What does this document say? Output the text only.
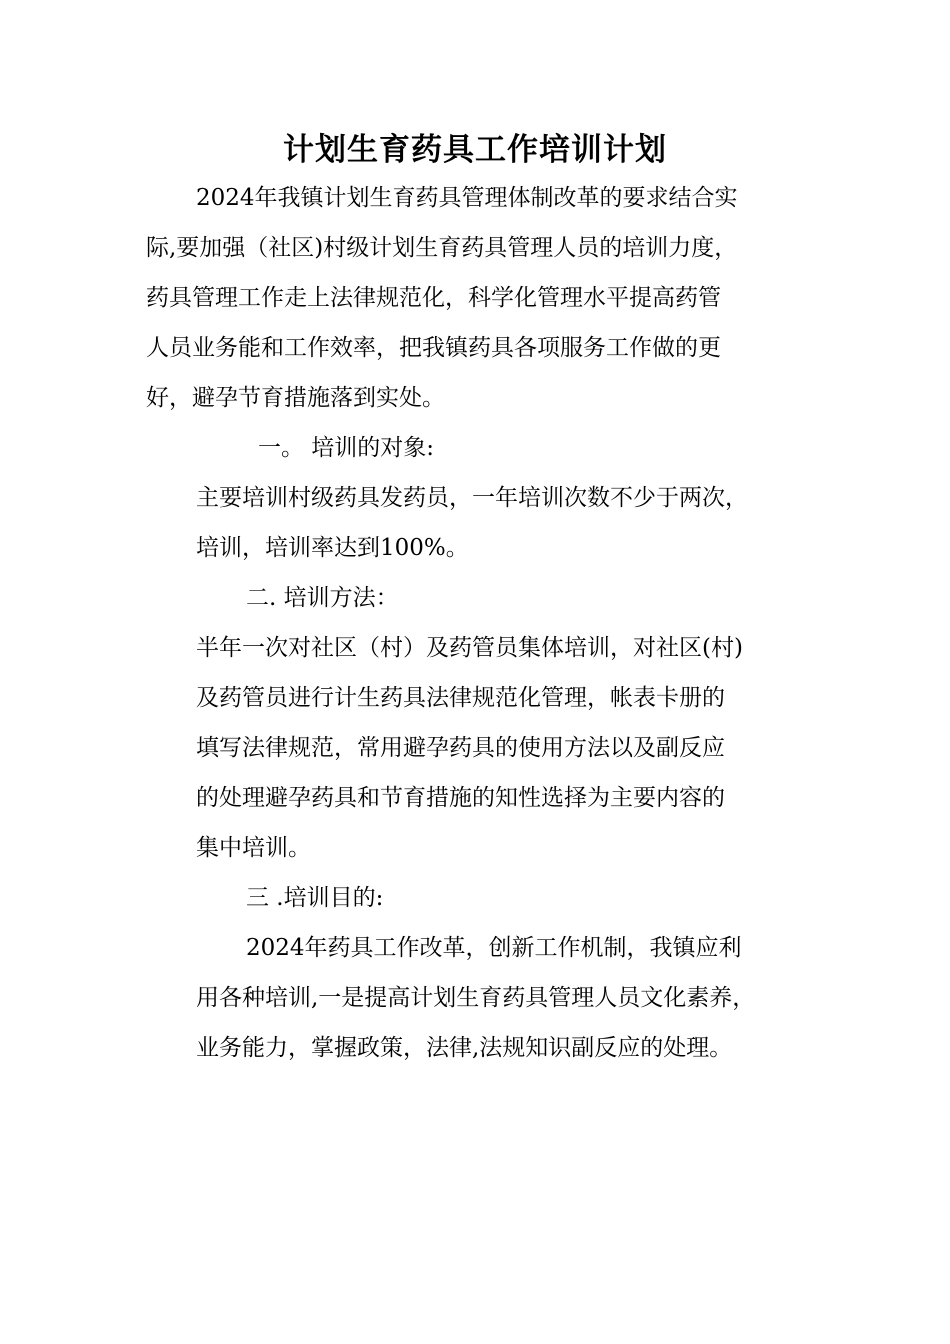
计划生育药具工作培训计划
2024年我镇计划生育药具管理体制改革的要求结合实
际,要加强（社区)村级计划生育药具管理人员的培训力度，
药具管理工作走上法律规范化，科学化管理水平提高药管
人员业务能和工作效率，把我镇药具各项服务工作做的更
好，避孕节育措施落到实处。
一。 培训的对象:
主要培训村级药具发药员，一年培训次数不少于两次，
培训，培训率达到100%。
二. 培训方法：
半年一次对社区（村）及药管员集体培训，对社区(村)
及药管员进行计生药具法律规范化管理，帐表卡册的
填写法律规范，常用避孕药具的使用方法以及副反应
的处理避孕药具和节育措施的知性选择为主要内容的
集中培训。
三 .培训目的:
2024年药具工作改革，创新工作机制，我镇应利
用各种培训,一是提高计划生育药具管理人员文化素养，
业务能力，掌握政策，法律,法规知识副反应的处理。
